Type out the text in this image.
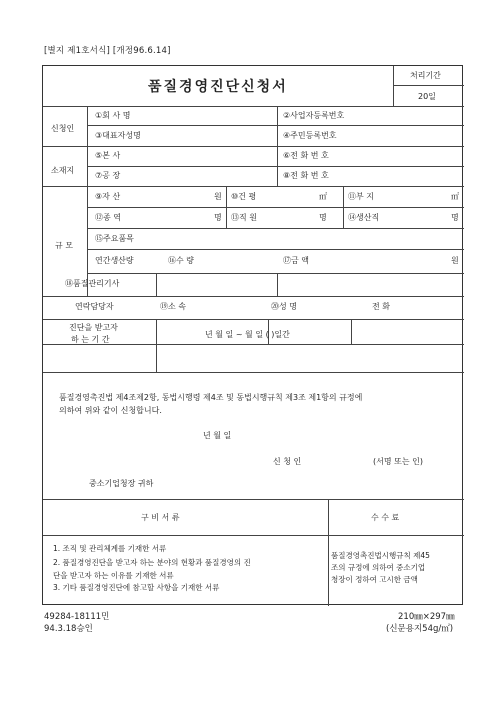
[별지 제1호서식] [개정96.6.14]
품질경영진단신청서
처리기간
20일
신청인
①회 사 명	②사업자등록번호
③대표자성명	④주민등록번호
소재지
⑤본 사	⑥전 화 번 호
⑦공 장	⑧전 화 번 호
규 모
⑨자 산	원 ⑩건 평	㎡	⑪부 지	㎡
⑫종 역	명 ⑬직 원	명	⑭생산직	명
⑮주요품목
연간생산량	⑯수 량	⑰금 액	원
⑱품질관리기사
연락담당자	⑲소 속	⑳성 명	전 화
진단을 받고자
하 는 기 간
년 월 일 ~ 월 일 ( )일간
품질경영촉진법 제4조제2항, 동법시행령 제4조 및 동법시행규칙 제3조 제1항의 규정에
의하여 위와 같이 신청합니다.
년 월 일
신 청 인	(서명 또는 인)
중소기업청장 귀하
구 비 서 류	수 수 료
1. 조직 및 관리체계를 기재한 서류
2. 품질경영진단을 받고자 하는 분야의 현황과 품질경영의 진
단을 받고자 하는 이유를 기재한 서류
3. 기타 품질경영진단에 참고할 사항을 기재한 서류
품질경영촉진법시행규칙 제45
조의 규정에 의하여 중소기업
청장이 정하여 고시한 금액
49284-18111민
94.3.18승인
210㎜×297㎜
(신문용지54g/㎡)
